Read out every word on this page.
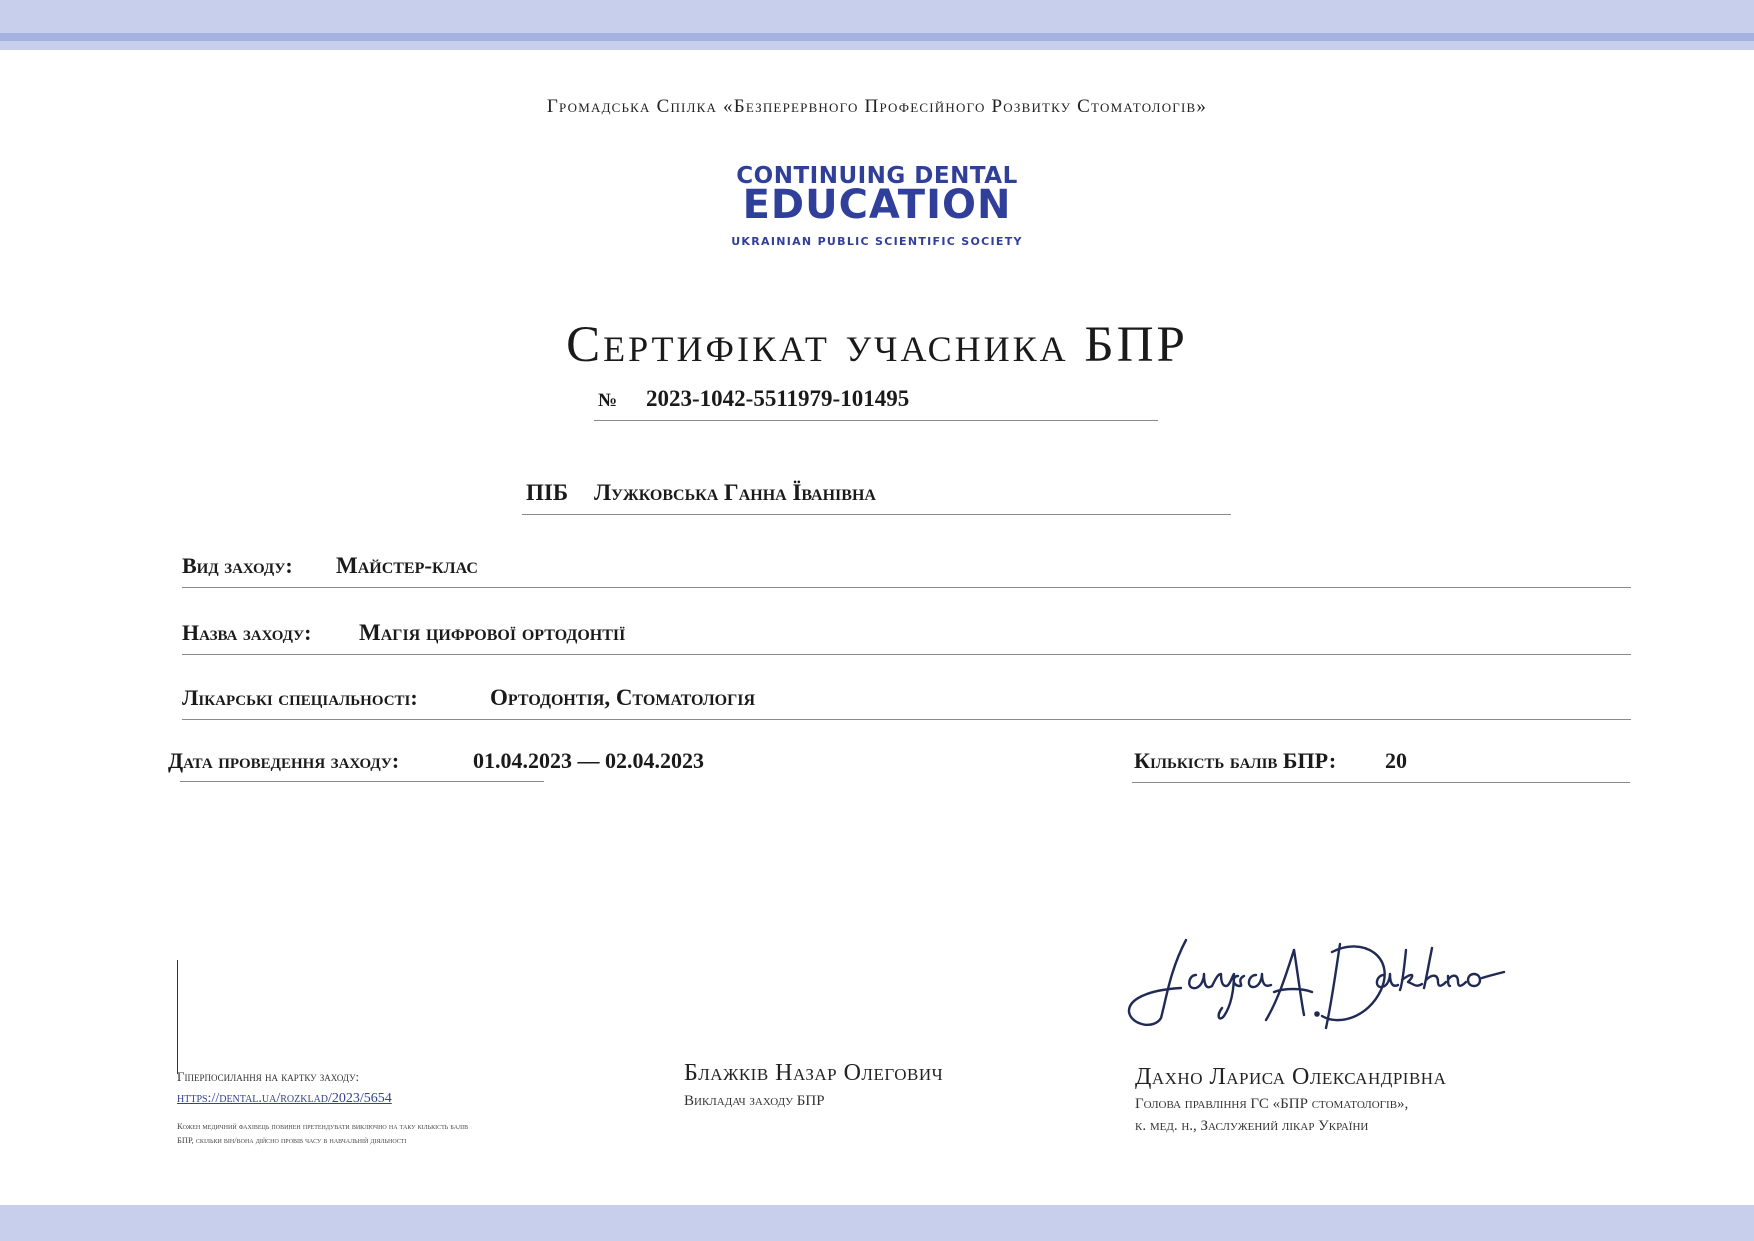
Громадська Спілка «Безперервного Професійного Розвитку Стоматологів»
CONTINUING DENTAL
EDUCATION
UKRAINIAN PUBLIC SCIENTIFIC SOCIETY
Сертифікат учасника БПР
№ 2023-1042-5511979-101495
ПІБ Лужковська Ганна Їванівна
Вид заходу: Майстер-клас
Назва заходу: Магія цифрової ортодонтії
Лікарські спеціальності:	Ортодонтія, Стоматологія
Дата проведення заходу:	01.04.2023 — 02.04.2023	Кількість балів БПР: 20
Гіперпосилання на картку заходу:
https://dental.ua/rozklad/2023/5654
Кожен медичний фахівець повинен претендувати виключно на таку кількість балів БПР, скільки він/вона дійсно провів часу в навчальній діяльності
Блажків Назар Олегович
Викладач заходу БПР
Дахно Лариса Олександрівна
Голова правління ГС «БПР стоматологів»,
к. мед. н., Заслужений лікар України
